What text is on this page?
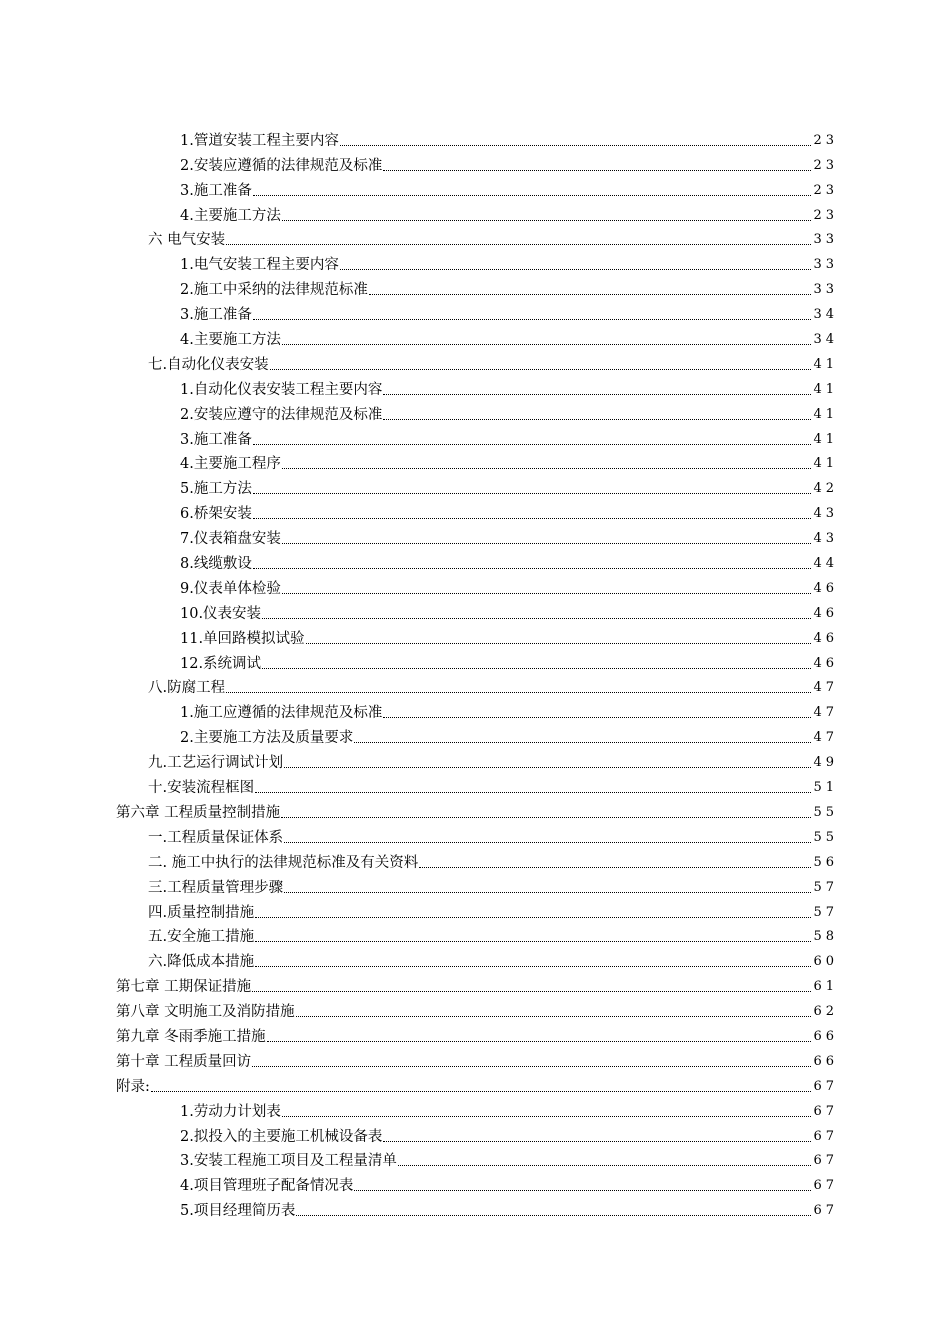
1.管道安装工程主要内容	23
2.安装应遵循的法律规范及标准	23
3.施工准备	23
4.主要施工方法	23
六 电气安装	33
1.电气安装工程主要内容	33
2.施工中采纳的法律规范标准	33
3.施工准备	34
4.主要施工方法	34
七.自动化仪表安装	41
1.自动化仪表安装工程主要内容	41
2.安装应遵守的法律规范及标准	41
3.施工准备	41
4.主要施工程序	41
5.施工方法	42
6.桥架安装	43
7.仪表箱盘安装	43
8.线缆敷设	44
9.仪表单体检验	46
10.仪表安装	46
11.单回路模拟试验	46
12.系统调试	46
八.防腐工程	47
1.施工应遵循的法律规范及标准	47
2.主要施工方法及质量要求	47
九.工艺运行调试计划	49
十.安装流程框图	51
第六章 工程质量控制措施	55
一.工程质量保证体系	55
二. 施工中执行的法律规范标准及有关资料	56
三.工程质量管理步骤	57
四.质量控制措施	57
五.安全施工措施	58
六.降低成本措施	60
第七章 工期保证措施	61
第八章 文明施工及消防措施	62
第九章 冬雨季施工措施	66
第十章 工程质量回访	66
附录:	67
1.劳动力计划表	67
2.拟投入的主要施工机械设备表	67
3.安装工程施工项目及工程量清单	67
4.项目管理班子配备情况表	67
5.项目经理简历表	67
